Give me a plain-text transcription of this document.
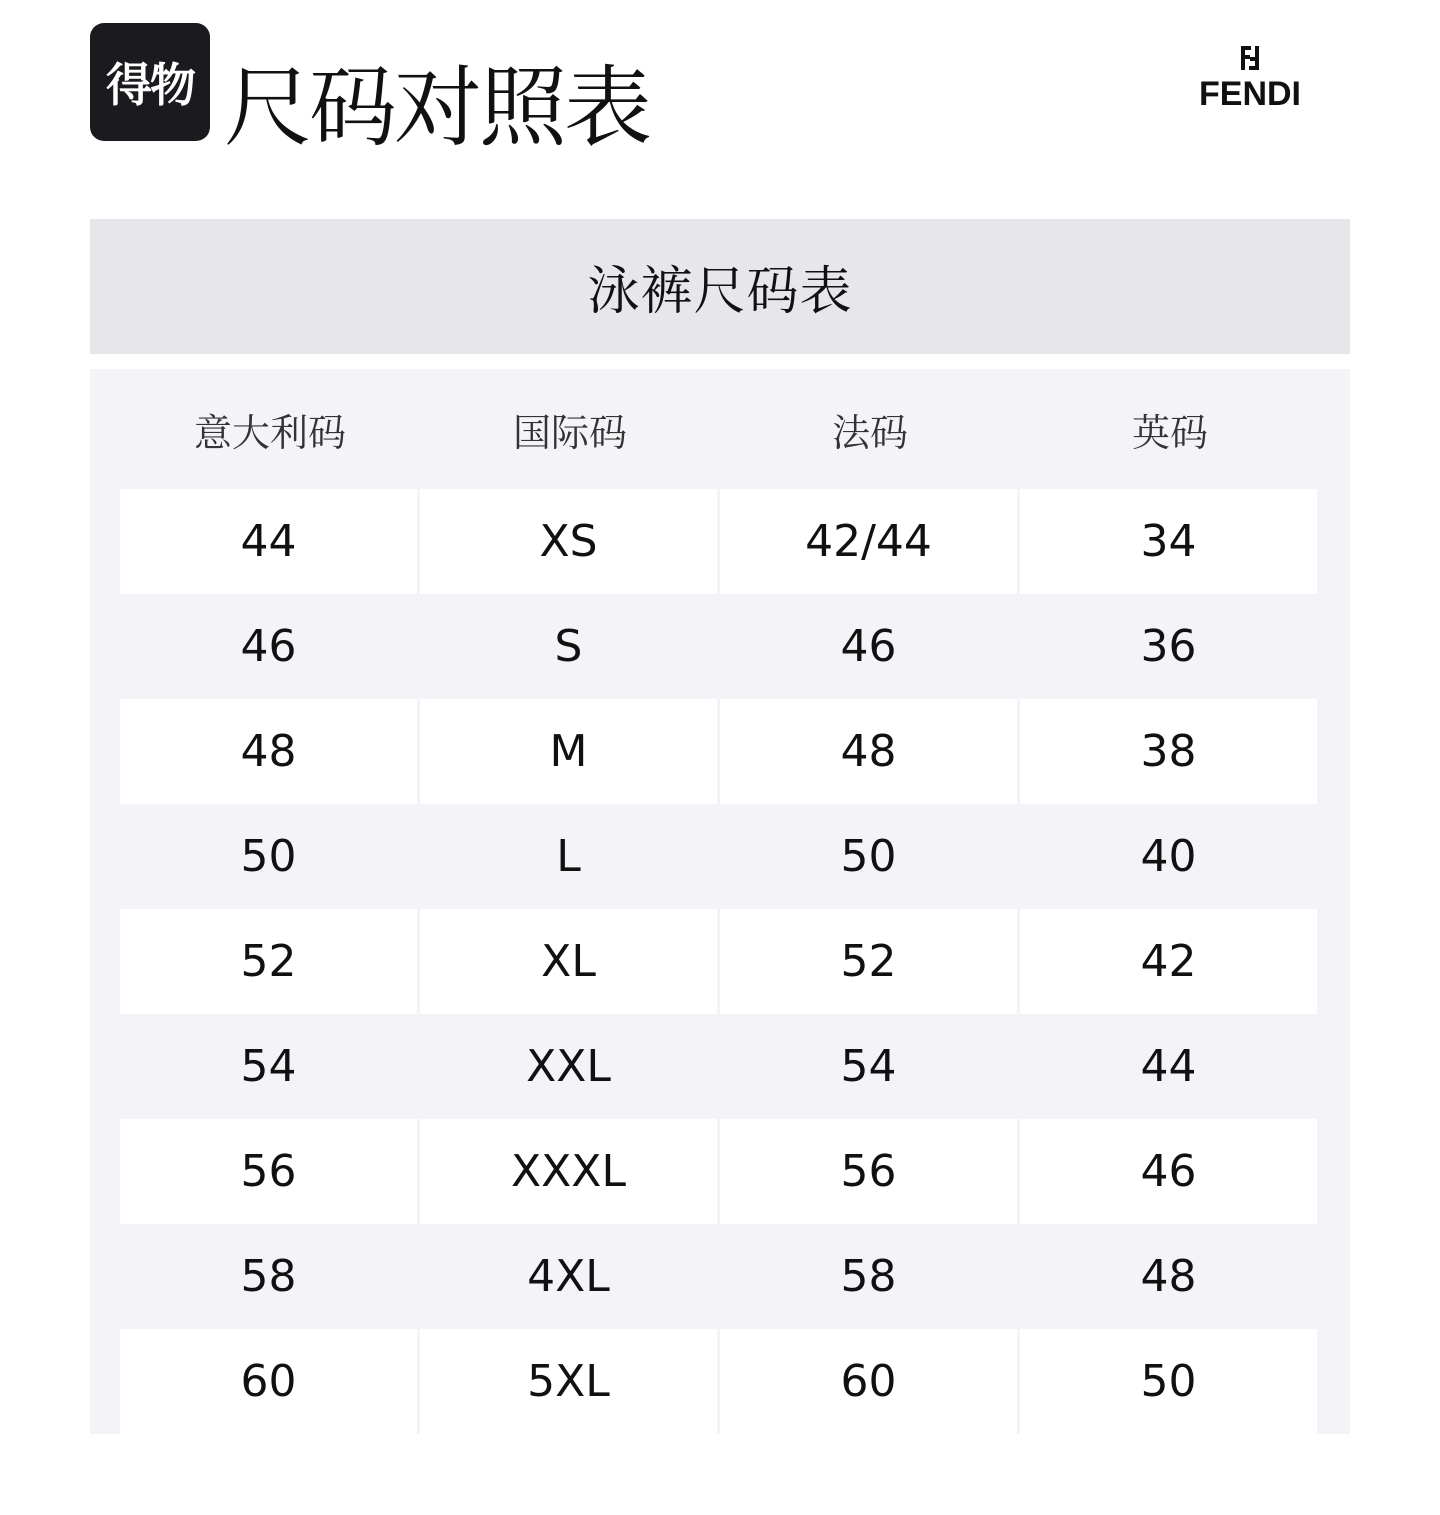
得物 尺码对照表	FENDI
泳裤尺码表
意大利码	国际码	法码	英码
44	XS	42/44	34
46	S	46	36
48	M	48	38
50	L	50	40
52	XL	52	42
54	XXL	54	44
56	XXXL	56	46
58	4XL	58	48
60	5XL	60	50
